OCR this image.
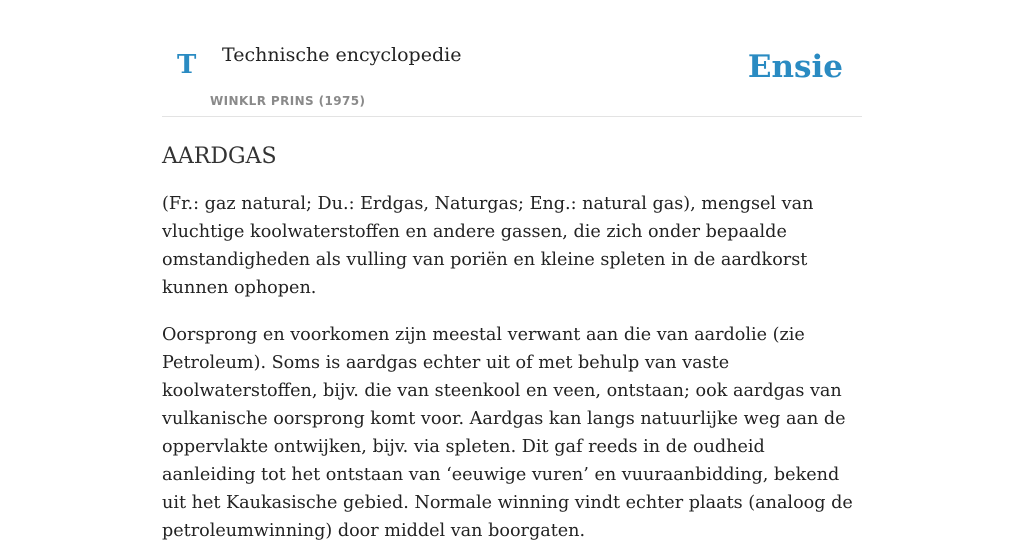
T Technische encyclopedie
WINKLR PRINS (1975)
Ensie
AARDGAS

(Fr.: gaz natural; Du.: Erdgas, Naturgas; Eng.: natural gas), mengsel van vluchtige koolwaterstoffen en andere gassen, die zich onder bepaalde omstandigheden als vulling van poriën en kleine spleten in de aardkorst kunnen ophopen.

Oorsprong en voorkomen zijn meestal verwant aan die van aardolie (zie Petroleum). Soms is aardgas echter uit of met behulp van vaste koolwaterstoffen, bijv. die van steenkool en veen, ontstaan; ook aardgas van vulkanische oorsprong komt voor. Aardgas kan langs natuurlijke weg aan de oppervlakte ontwijken, bijv. via spleten. Dit gaf reeds in de oudheid aanleiding tot het ontstaan van ‘eeuwige vuren’ en vuuraanbidding, bekend uit het Kaukasische gebied. Normale winning vindt echter plaats (analoog de petroleumwinning) door middel van boorgaten.
